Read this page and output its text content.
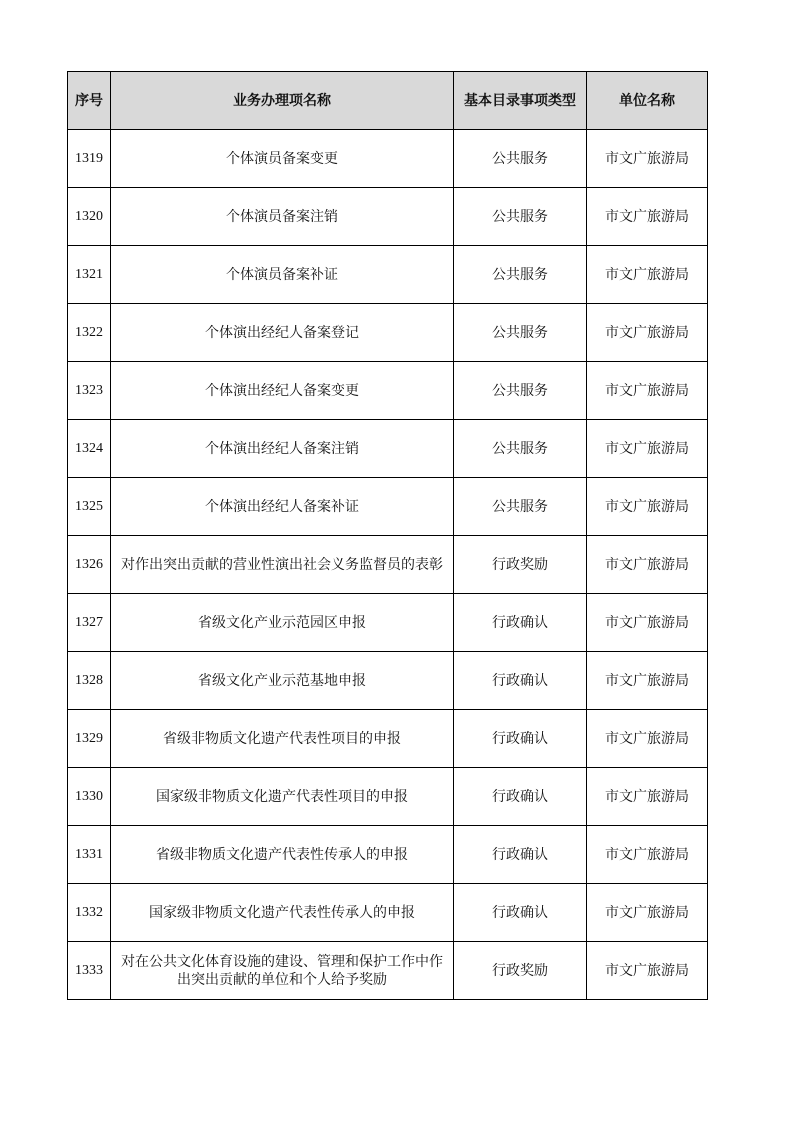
序号	业务办理项名称	基本目录事项类型	单位名称
1319	个体演员备案变更	公共服务	市文广旅游局
1320	个体演员备案注销	公共服务	市文广旅游局
1321	个体演员备案补证	公共服务	市文广旅游局
1322	个体演出经纪人备案登记	公共服务	市文广旅游局
1323	个体演出经纪人备案变更	公共服务	市文广旅游局
1324	个体演出经纪人备案注销	公共服务	市文广旅游局
1325	个体演出经纪人备案补证	公共服务	市文广旅游局
1326	对作出突出贡献的营业性演出社会义务监督员的表彰	行政奖励	市文广旅游局
1327	省级文化产业示范园区申报	行政确认	市文广旅游局
1328	省级文化产业示范基地申报	行政确认	市文广旅游局
1329	省级非物质文化遗产代表性项目的申报	行政确认	市文广旅游局
1330	国家级非物质文化遗产代表性项目的申报	行政确认	市文广旅游局
1331	省级非物质文化遗产代表性传承人的申报	行政确认	市文广旅游局
1332	国家级非物质文化遗产代表性传承人的申报	行政确认	市文广旅游局
1333	对在公共文化体育设施的建设、管理和保护工作中作出突出贡献的单位和个人给予奖励	行政奖励	市文广旅游局
